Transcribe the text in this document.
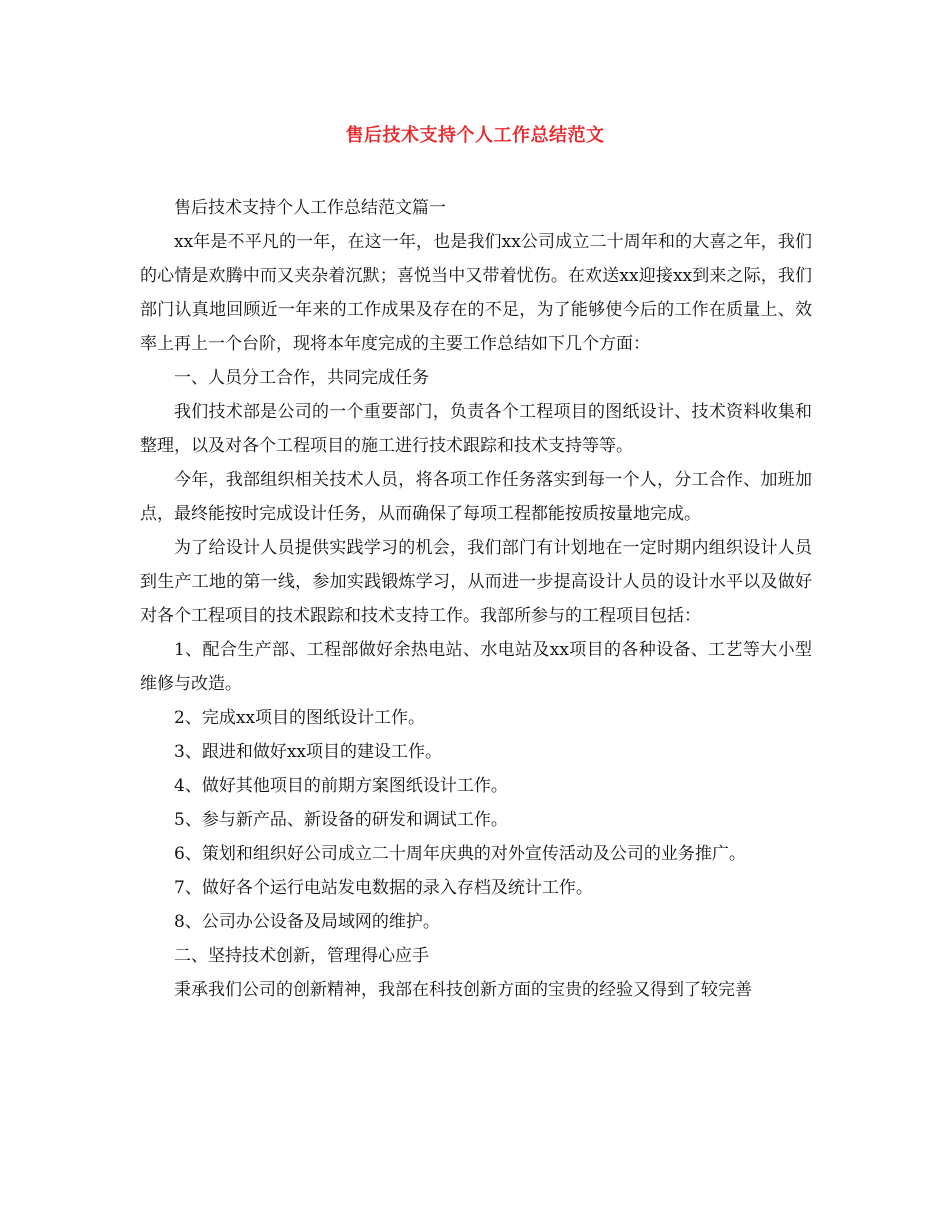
售后技术支持个人工作总结范文

售后技术支持个人工作总结范文篇一

xx年是不平凡的一年，在这一年，也是我们xx公司成立二十周年和的大喜之年，我们的心情是欢腾中而又夹杂着沉默；喜悦当中又带着忧伤。在欢送xx迎接xx到来之际，我们部门认真地回顾近一年来的工作成果及存在的不足，为了能够使今后的工作在质量上、效率上再上一个台阶，现将本年度完成的主要工作总结如下几个方面：

一、人员分工合作，共同完成任务

我们技术部是公司的一个重要部门，负责各个工程项目的图纸设计、技术资料收集和整理，以及对各个工程项目的施工进行技术跟踪和技术支持等等。

今年，我部组织相关技术人员，将各项工作任务落实到每一个人，分工合作、加班加点，最终能按时完成设计任务，从而确保了每项工程都能按质按量地完成。

为了给设计人员提供实践学习的机会，我们部门有计划地在一定时期内组织设计人员到生产工地的第一线，参加实践锻炼学习，从而进一步提高设计人员的设计水平以及做好对各个工程项目的技术跟踪和技术支持工作。我部所参与的工程项目包括：

1、配合生产部、工程部做好余热电站、水电站及xx项目的各种设备、工艺等大小型维修与改造。

2、完成xx项目的图纸设计工作。

3、跟进和做好xx项目的建设工作。

4、做好其他项目的前期方案图纸设计工作。

5、参与新产品、新设备的研发和调试工作。

6、策划和组织好公司成立二十周年庆典的对外宣传活动及公司的业务推广。

7、做好各个运行电站发电数据的录入存档及统计工作。

8、公司办公设备及局域网的维护。

二、坚持技术创新，管理得心应手

秉承我们公司的创新精神，我部在科技创新方面的宝贵的经验又得到了较完善
